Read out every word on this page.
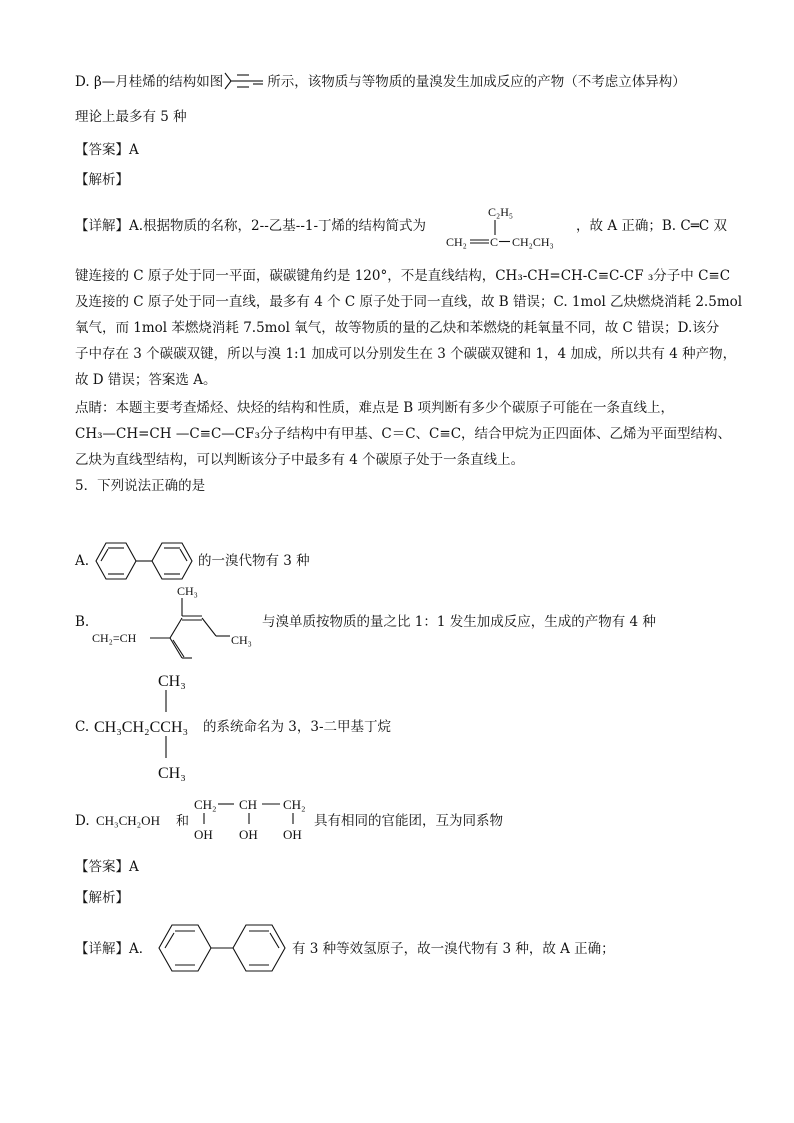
D. β—月桂烯的结构如图	所示，该物质与等物质的量溴发生加成反应的产物（不考虑立体异构）
理论上最多有 5 种
【答案】A
【解析】
【详解】A.根据物质的名称，2--乙基--1-丁烯的结构简式为	，故 A 正确；B. C═C 双
C₂H₅
CH₂ C CH₂CH₃
键连接的 C 原子处于同一平面，碳碳键角约是 120°，不是直线结构，CH₃-CH=CH-C≡C-CF ₃分子中 C≡C
及连接的 C 原子处于同一直线，最多有 4 个 C 原子处于同一直线，故 B 错误；C. 1mol 乙炔燃烧消耗 2.5mol
氧气，而 1mol 苯燃烧消耗 7.5mol 氧气，故等物质的量的乙炔和苯燃烧的耗氧量不同，故 C 错误；D.该分
子中存在 3 个碳碳双键，所以与溴 1:1 加成可以分别发生在 3 个碳碳双键和 1，4 加成，所以共有 4 种产物，
故 D 错误；答案选 A。
点睛：本题主要考查烯烃、炔烃的结构和性质，难点是 B 项判断有多少个碳原子可能在一条直线上，
CH₃—CH=CH —C≡C—CF₃分子结构中有甲基、C＝C、C≡C，结合甲烷为正四面体、乙烯为平面型结构、
乙炔为直线型结构，可以判断该分子中最多有 4 个碳原子处于一条直线上。
5．下列说法正确的是
A.	的一溴代物有 3 种
B.
CH₃
CH₃
CH₂=CH
与溴单质按物质的量之比 1：1 发生加成反应，生成的产物有 4 种
C.
CH₃
CH₃CH₂CCH₃
CH₃
的系统命名为 3，3-二甲基丁烷
D. CH₃CH₂OH 和
CH₂ CH CH₂
OH OH OH
具有相同的官能团，互为同系物
【答案】A
【解析】
【详解】A．	有 3 种等效氢原子，故一溴代物有 3 种，故 A 正确；
